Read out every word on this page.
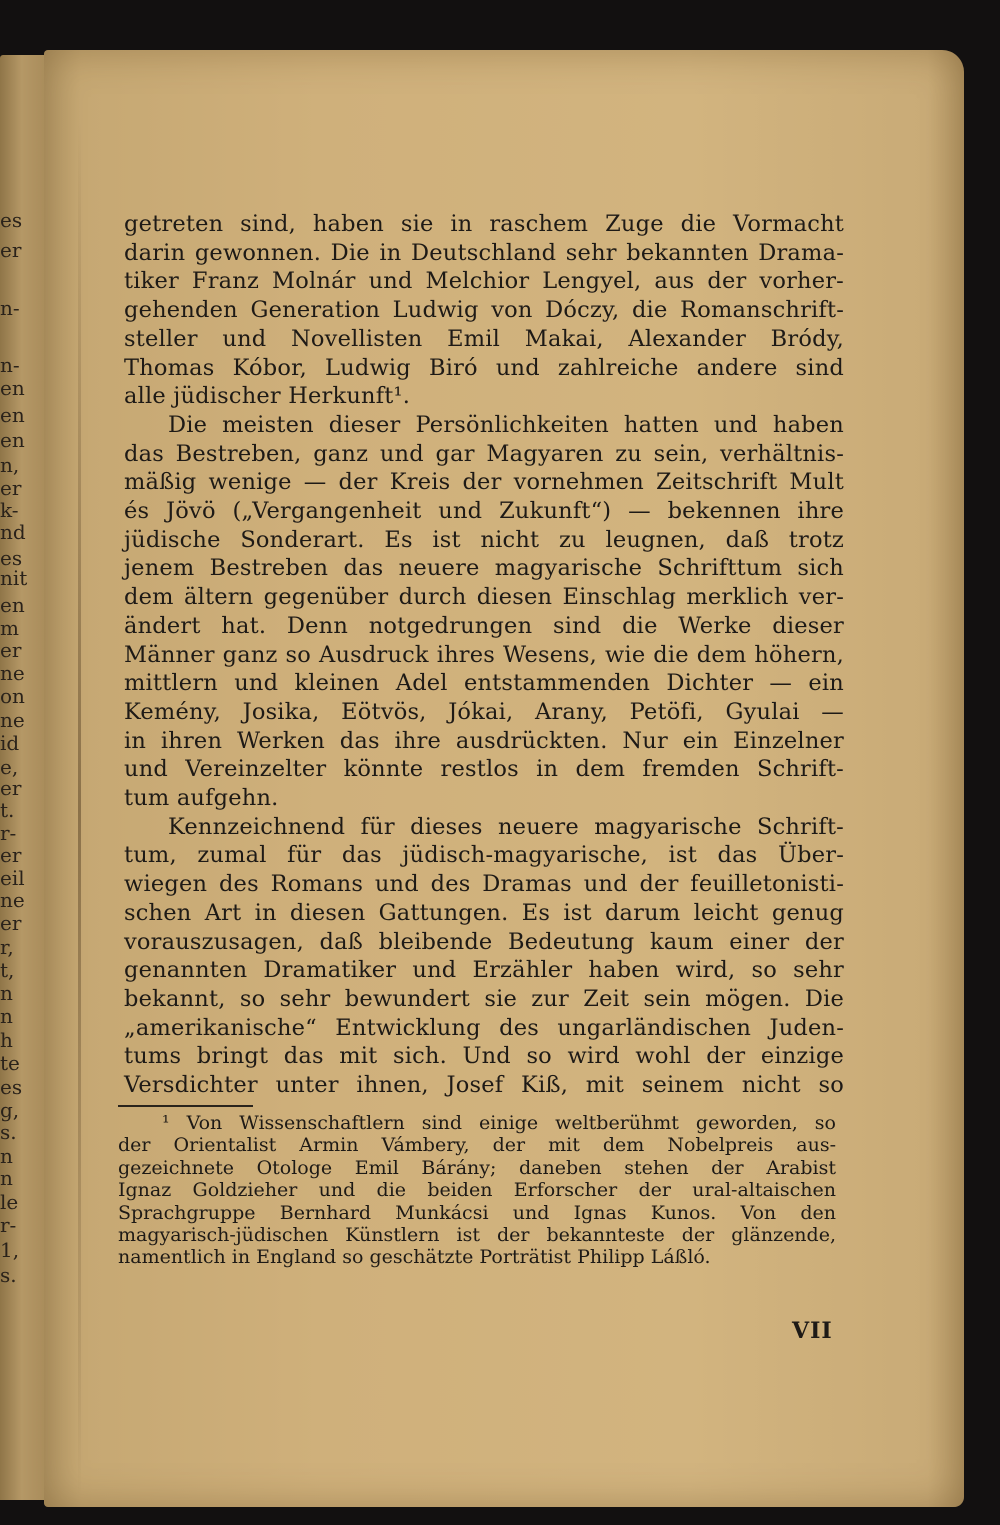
es
er
n-
n-
en
en
en
n,
er
k-
nd
es
nit
en
m
er
ne
on
ne
id
e,
er
t.
r-
er
eil
ne
er
r,
t,
n
n
h
te
es
g,
s.
n
n
le
r-
1,
s.
getreten sind, haben sie in raschem Zuge die Vormacht
darin gewonnen. Die in Deutschland sehr bekannten Drama-
tiker Franz Molnár und Melchior Lengyel, aus der vorher-
gehenden Generation Ludwig von Dóczy, die Romanschrift-
steller und Novellisten Emil Makai, Alexander Bródy,
Thomas Kóbor, Ludwig Biró und zahlreiche andere sind
alle jüdischer Herkunft¹.
Die meisten dieser Persönlichkeiten hatten und haben
das Bestreben, ganz und gar Magyaren zu sein, verhältnis-
mäßig wenige — der Kreis der vornehmen Zeitschrift Mult
és Jövö („Vergangenheit und Zukunft“) — bekennen ihre
jüdische Sonderart. Es ist nicht zu leugnen, daß trotz
jenem Bestreben das neuere magyarische Schrifttum sich
dem ältern gegenüber durch diesen Einschlag merklich ver-
ändert hat. Denn notgedrungen sind die Werke dieser
Männer ganz so Ausdruck ihres Wesens, wie die dem höhern,
mittlern und kleinen Adel entstammenden Dichter — ein
Kemény, Josika, Eötvös, Jókai, Arany, Petöfi, Gyulai —
in ihren Werken das ihre ausdrückten. Nur ein Einzelner
und Vereinzelter könnte restlos in dem fremden Schrift-
tum aufgehn.
Kennzeichnend für dieses neuere magyarische Schrift-
tum, zumal für das jüdisch-magyarische, ist das Über-
wiegen des Romans und des Dramas und der feuilletonisti-
schen Art in diesen Gattungen. Es ist darum leicht genug
vorauszusagen, daß bleibende Bedeutung kaum einer der
genannten Dramatiker und Erzähler haben wird, so sehr
bekannt, so sehr bewundert sie zur Zeit sein mögen. Die
„amerikanische“ Entwicklung des ungarländischen Juden-
tums bringt das mit sich. Und so wird wohl der einzige
Versdichter unter ihnen, Josef Kiß, mit seinem nicht so
¹ Von Wissenschaftlern sind einige weltberühmt geworden, so
der Orientalist Armin Vámbery, der mit dem Nobelpreis aus-
gezeichnete Otologe Emil Bárány; daneben stehen der Arabist
Ignaz Goldzieher und die beiden Erforscher der ural-altaischen
Sprachgruppe Bernhard Munkácsi und Ignas Kunos. Von den
magyarisch-jüdischen Künstlern ist der bekannteste der glänzende,
namentlich in England so geschätzte Porträtist Philipp Láßló.
VII
